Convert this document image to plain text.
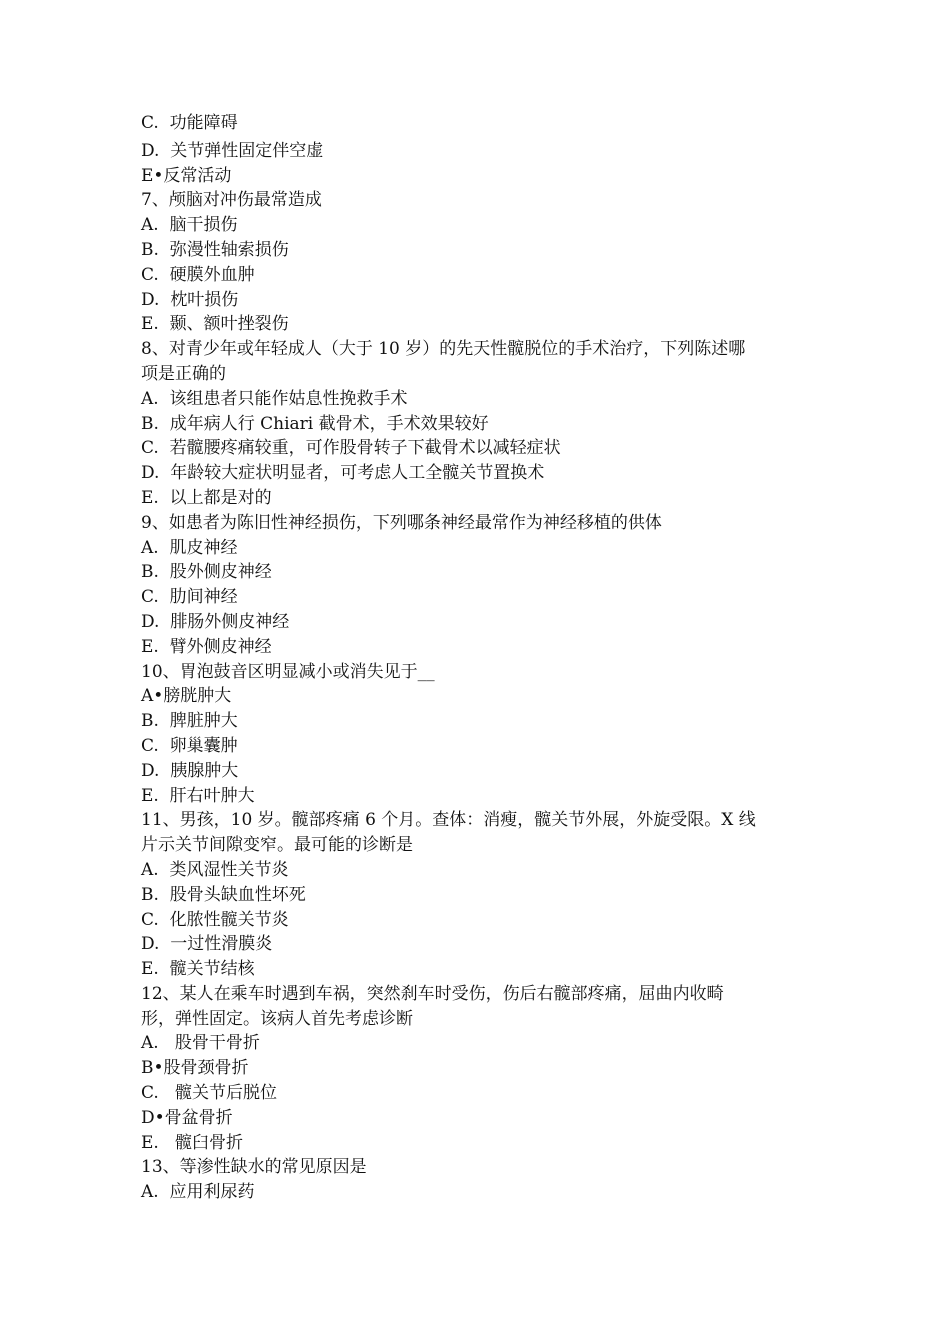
C.  功能障碍
D.  关节弹性固定伴空虚
E•反常活动
7、颅脑对冲伤最常造成
A.  脑干损伤
B.  弥漫性轴索损伤
C.  硬膜外血肿
D.  枕叶损伤
E.  颞、额叶挫裂伤
8、对青少年或年轻成人（大于 10 岁）的先天性髋脱位的手术治疗，下列陈述哪
项是正确的
A.  该组患者只能作姑息性挽救手术
B.  成年病人行 Chiari 截骨术，手术效果较好
C.  若髋腰疼痛较重，可作股骨转子下截骨术以减轻症状
D.  年龄较大症状明显者，可考虑人工全髋关节置换术
E.  以上都是对的
9、如患者为陈旧性神经损伤，下列哪条神经最常作为神经移植的供体
A.  肌皮神经
B.  股外侧皮神经
C.  肋间神经
D.  腓肠外侧皮神经
E.  臂外侧皮神经
10、胃泡鼓音区明显减小或消失见于__
A•膀胱肿大
B.  脾脏肿大
C.  卵巢囊肿
D.  胰腺肿大
E.  肝右叶肿大
11、男孩，10 岁。髋部疼痛 6 个月。查体：消瘦，髋关节外展，外旋受限。X 线
片示关节间隙变窄。最可能的诊断是
A.  类风湿性关节炎
B.  股骨头缺血性坏死
C.  化脓性髋关节炎
D.  一过性滑膜炎
E.  髋关节结核
12、某人在乘车时遇到车祸，突然刹车时受伤，伤后右髋部疼痛，屈曲内收畸
形，弹性固定。该病人首先考虑诊断
A.   股骨干骨折
B•股骨颈骨折
C.   髋关节后脱位
D•骨盆骨折
E.   髋臼骨折
13、等渗性缺水的常见原因是
A.  应用利尿药
